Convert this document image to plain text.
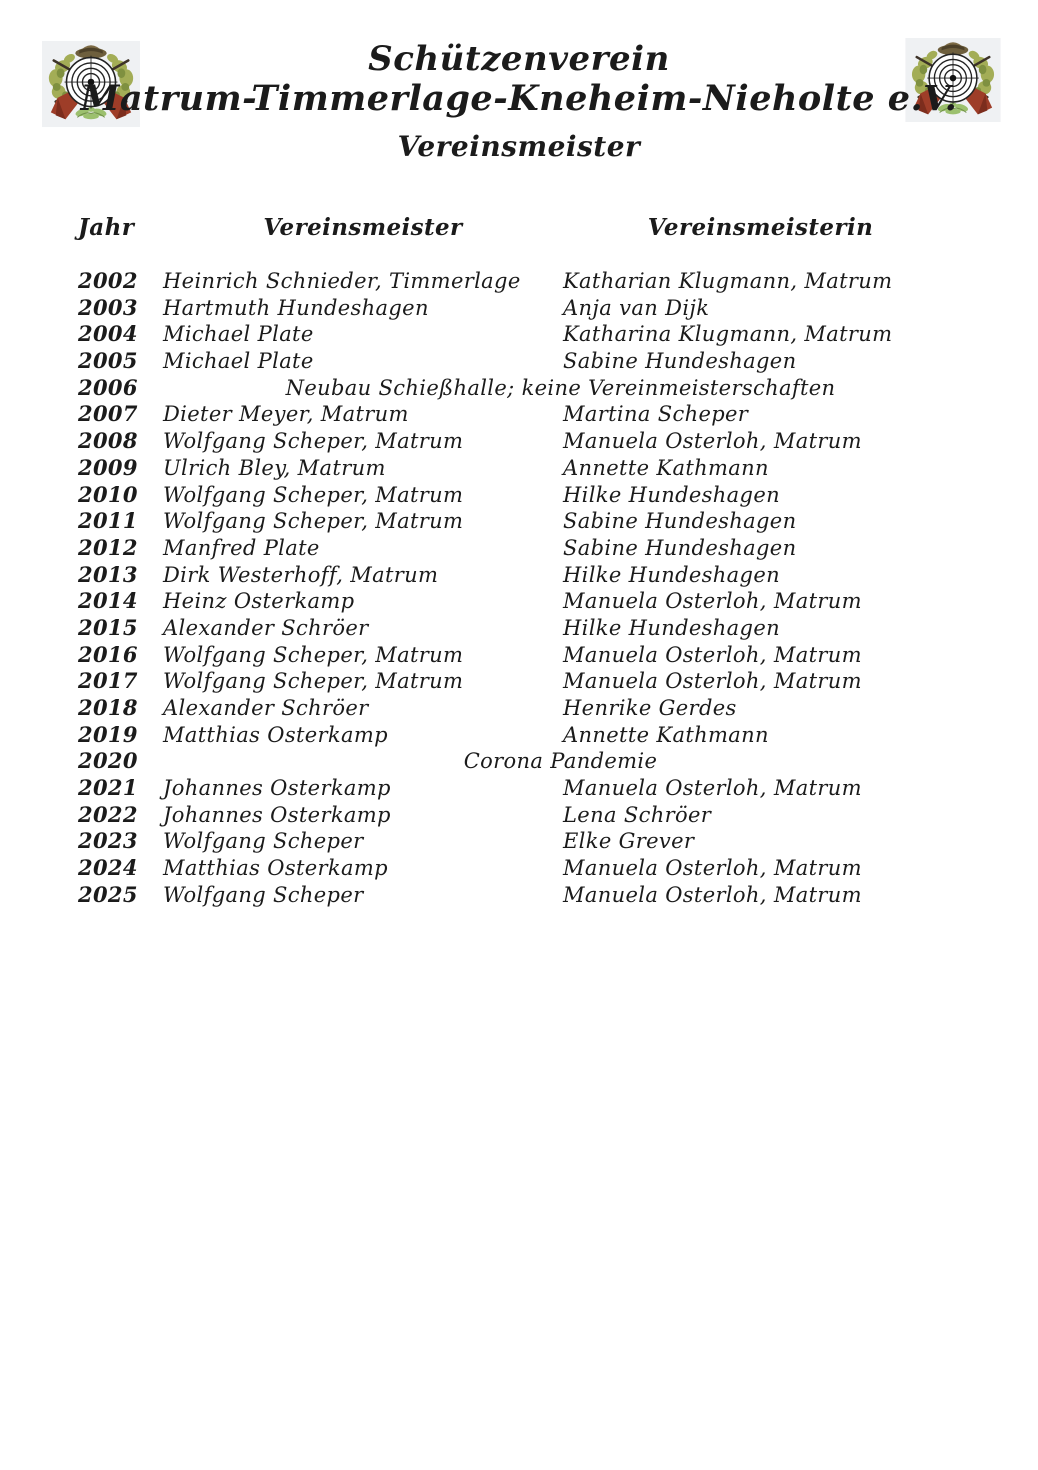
Schützenverein
Matrum-Timmerlage-Kneheim-Nieholte e.V.
Vereinsmeister
Jahr	Vereinsmeister	Vereinsmeisterin
2002	Heinrich Schnieder, Timmerlage	Katharian Klugmann, Matrum
2003	Hartmuth Hundeshagen	Anja van Dijk
2004	Michael Plate	Katharina Klugmann, Matrum
2005	Michael Plate	Sabine Hundeshagen
2006	Neubau Schießhalle; keine Vereinmeisterschaften
2007	Dieter Meyer, Matrum	Martina Scheper
2008	Wolfgang Scheper, Matrum	Manuela Osterloh, Matrum
2009	Ulrich Bley, Matrum	Annette Kathmann
2010	Wolfgang Scheper, Matrum	Hilke Hundeshagen
2011	Wolfgang Scheper, Matrum	Sabine Hundeshagen
2012	Manfred Plate	Sabine Hundeshagen
2013	Dirk Westerhoff, Matrum	Hilke Hundeshagen
2014	Heinz Osterkamp	Manuela Osterloh, Matrum
2015	Alexander Schröer	Hilke Hundeshagen
2016	Wolfgang Scheper, Matrum	Manuela Osterloh, Matrum
2017	Wolfgang Scheper, Matrum	Manuela Osterloh, Matrum
2018	Alexander Schröer	Henrike Gerdes
2019	Matthias Osterkamp	Annette Kathmann
2020	Corona Pandemie
2021	Johannes Osterkamp	Manuela Osterloh, Matrum
2022	Johannes Osterkamp	Lena Schröer
2023	Wolfgang Scheper	Elke Grever
2024	Matthias Osterkamp	Manuela Osterloh, Matrum
2025	Wolfgang Scheper	Manuela Osterloh, Matrum
